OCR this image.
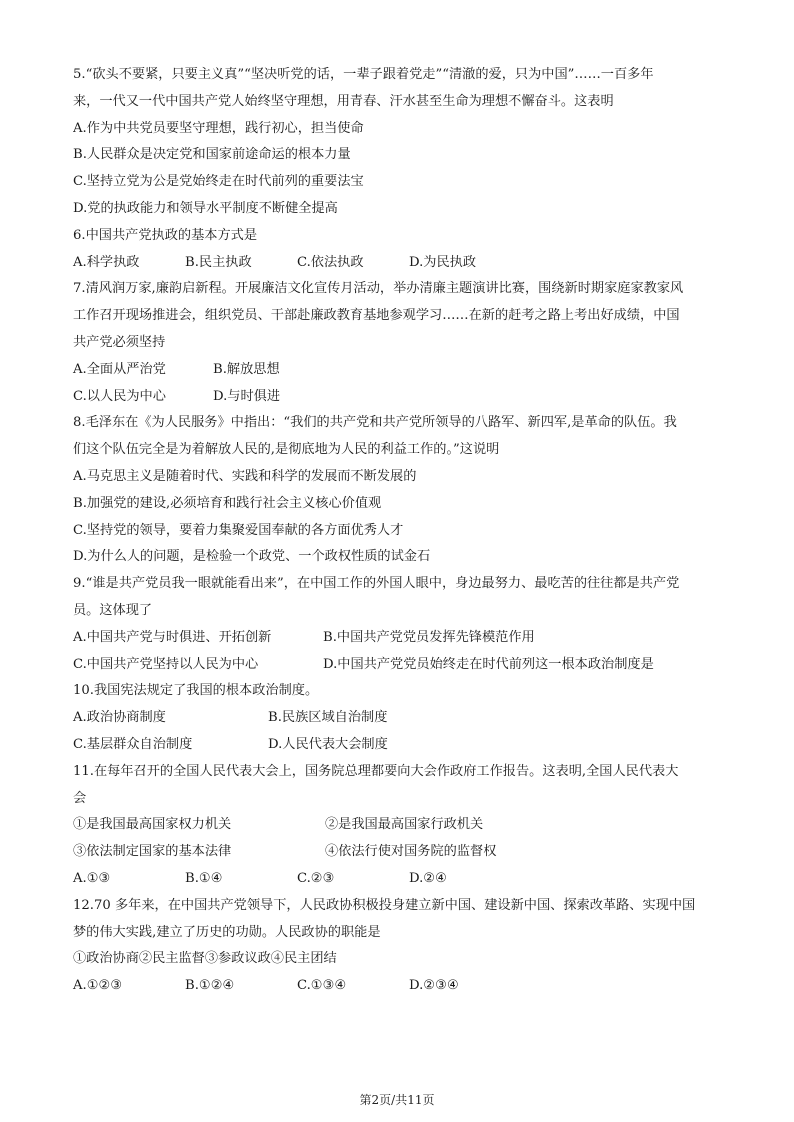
5.“砍头不要紧，只要主义真”“坚决听党的话，一辈子跟着党走”“清澈的爱，只为中国”……一百多年
来，一代又一代中国共产党人始终坚守理想，用青春、汗水甚至生命为理想不懈奋斗。这表明
A.作为中共党员要坚守理想，践行初心，担当使命
B.人民群众是决定党和国家前途命运的根本力量
C.坚持立党为公是党始终走在时代前列的重要法宝
D.党的执政能力和领导水平制度不断健全提高
6.中国共产党执政的基本方式是
A.科学执政	B.民主执政	C.依法执政	D.为民执政
7.清风润万家,廉韵启新程。开展廉洁文化宣传月活动，举办清廉主题演讲比赛，围绕新时期家庭家教家风
工作召开现场推进会，组织党员、干部赴廉政教育基地参观学习……在新的赶考之路上考出好成绩，中国
共产党必须坚持
A.全面从严治党	B.解放思想
C.以人民为中心	D.与时俱进
8.毛泽东在《为人民服务》中指出：“我们的共产党和共产党所领导的八路军、新四军,是革命的队伍。我
们这个队伍完全是为着解放人民的,是彻底地为人民的利益工作的。”这说明
A.马克思主义是随着时代、实践和科学的发展而不断发展的
B.加强党的建设,必须培育和践行社会主义核心价值观
C.坚持党的领导，要着力集聚爱国奉献的各方面优秀人才
D.为什么人的问题，是检验一个政党、一个政权性质的试金石
9.“谁是共产党员我一眼就能看出来”，在中国工作的外国人眼中，身边最努力、最吃苦的往往都是共产党
员。这体现了
A.中国共产党与时俱进、开拓创新	B.中国共产党党员发挥先锋模范作用
C.中国共产党坚持以人民为中心	D.中国共产党党员始终走在时代前列这一根本政治制度是
10.我国宪法规定了我国的根本政治制度。
A.政治协商制度	B.民族区域自治制度
C.基层群众自治制度	D.人民代表大会制度
11.在每年召开的全国人民代表大会上，国务院总理都要向大会作政府工作报告。这表明,全国人民代表大
会
①是我国最高国家权力机关	②是我国最高国家行政机关
③依法制定国家的基本法律	④依法行使对国务院的监督权
A.①③	B.①④	C.②③	D.②④
12.70 多年来，在中国共产党领导下，人民政协积极投身建立新中国、建设新中国、探索改革路、实现中国
梦的伟大实践,建立了历史的功勋。人民政协的职能是
①政治协商②民主监督③参政议政④民主团结
A.①②③	B.①②④	C.①③④	D.②③④
第2页/共11页
